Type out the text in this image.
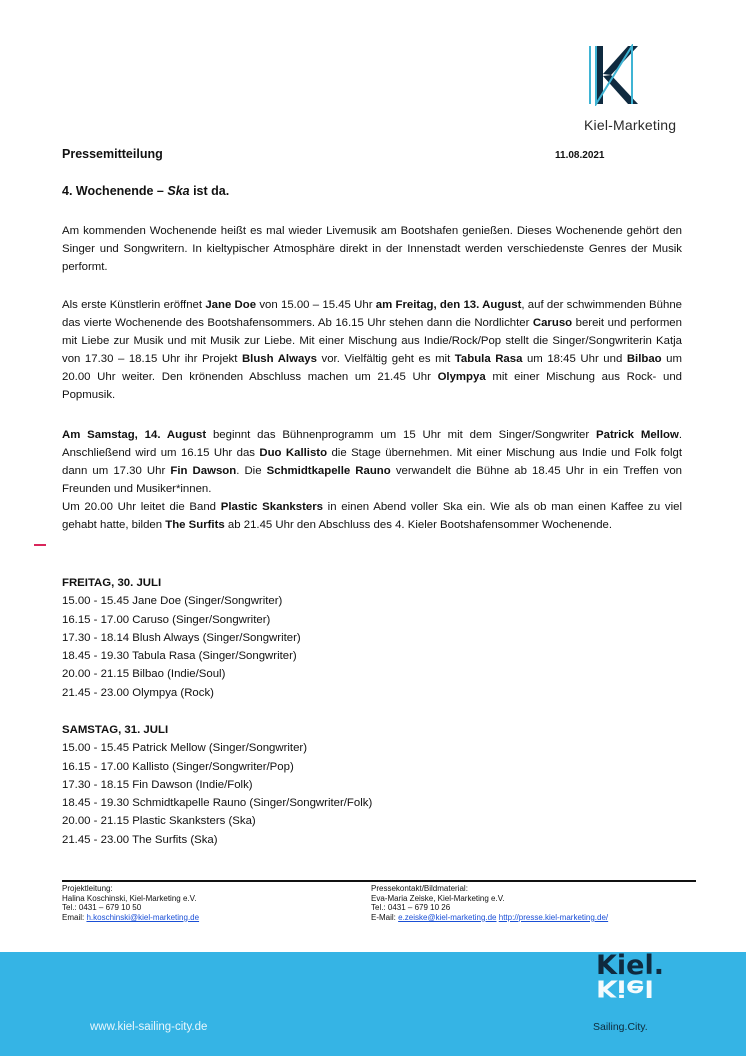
Kiel-Marketing
Pressemitteilung	11.08.2021
4. Wochenende – Ska ist da.

Am kommenden Wochenende heißt es mal wieder Livemusik am Bootshafen genießen. Dieses Wochenende gehört den Singer und Songwritern. In kieltypischer Atmosphäre direkt in der Innenstadt werden verschiedenste Genres der Musik performt.

Als erste Künstlerin eröffnet Jane Doe von 15.00 – 15.45 Uhr am Freitag, den 13. August, auf der schwimmenden Bühne das vierte Wochenende des Bootshafensommers. Ab 16.15 Uhr stehen dann die Nordlichter Caruso bereit und performen mit Liebe zur Musik und mit Musik zur Liebe. Mit einer Mischung aus Indie/Rock/Pop stellt die Singer/Songwriterin Katja von 17.30 – 18.15 Uhr ihr Projekt Blush Always vor. Vielfältig geht es mit Tabula Rasa um 18:45 Uhr und Bilbao um 20.00 Uhr weiter. Den krönenden Abschluss machen um 21.45 Uhr Olympya mit einer Mischung aus Rock- und Popmusik.

Am Samstag, 14. August beginnt das Bühnenprogramm um 15 Uhr mit dem Singer/Songwriter Patrick Mellow. Anschließend wird um 16.15 Uhr das Duo Kallisto die Stage übernehmen. Mit einer Mischung aus Indie und Folk folgt dann um 17.30 Uhr Fin Dawson. Die Schmidtkapelle Rauno verwandelt die Bühne ab 18.45 Uhr in ein Treffen von Freunden und Musiker*innen.
Um 20.00 Uhr leitet die Band Plastic Skanksters in einen Abend voller Ska ein. Wie als ob man einen Kaffee zu viel gehabt hatte, bilden The Surfits ab 21.45 Uhr den Abschluss des 4. Kieler Bootshafensommer Wochenende.

FREITAG, 30. JULI
15.00 - 15.45 Jane Doe (Singer/Songwriter)
16.15 - 17.00 Caruso (Singer/Songwriter)
17.30 - 18.14 Blush Always (Singer/Songwriter)
18.45 - 19.30 Tabula Rasa (Singer/Songwriter)
20.00 - 21.15 Bilbao (Indie/Soul)
21.45 - 23.00 Olympya (Rock)
SAMSTAG, 31. JULI
15.00 - 15.45 Patrick Mellow (Singer/Songwriter)
16.15 - 17.00 Kallisto (Singer/Songwriter/Pop)
17.30 - 18.15 Fin Dawson (Indie/Folk)
18.45 - 19.30 Schmidtkapelle Rauno (Singer/Songwriter/Folk)
20.00 - 21.15 Plastic Skanksters (Ska)
21.45 - 23.00 The Surfits (Ska)
Projektleitung:
Halina Koschinski, Kiel-Marketing e.V.
Tel.: 0431 – 679 10 50
Email: h.koschinski@kiel-marketing.de
Pressekontakt/Bildmaterial:
Eva-Maria Zeiske, Kiel-Marketing e.V.
Tel.: 0431 – 679 10 26
E-Mail: e.zeiske@kiel-marketing.de http://presse.kiel-marketing.de/
www.kiel-sailing-city.de
Kiel.
Kiel
Sailing.City.
